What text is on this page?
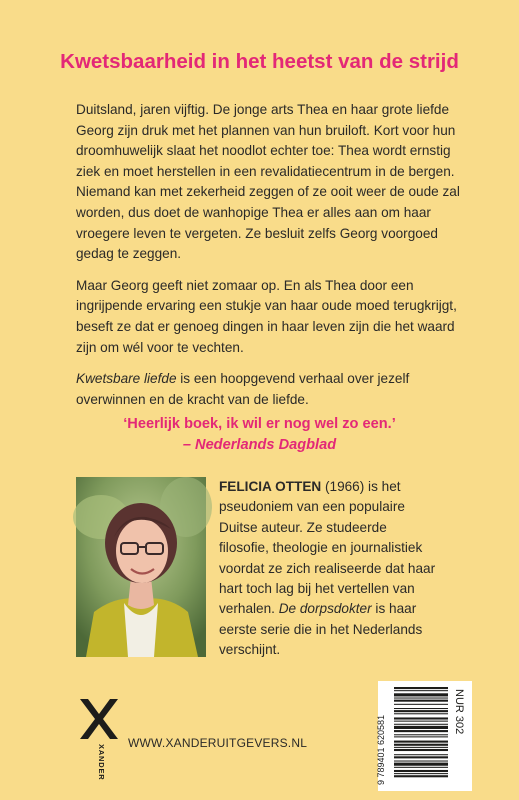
Kwetsbaarheid in het heetst van de strijd

Duitsland, jaren vijftig. De jonge arts Thea en haar grote liefde Georg zijn druk met het plannen van hun bruiloft. Kort voor hun droomhuwelijk slaat het noodlot echter toe: Thea wordt ernstig ziek en moet herstellen in een revalidatiecentrum in de bergen. Niemand kan met zekerheid zeggen of ze ooit weer de oude zal worden, dus doet de wanhopige Thea er alles aan om haar vroegere leven te vergeten. Ze besluit zelfs Georg voorgoed gedag te zeggen.

Maar Georg geeft niet zomaar op. En als Thea door een ingrijpende ervaring een stukje van haar oude moed terugkrijgt, beseft ze dat er genoeg dingen in haar leven zijn die het waard zijn om wél voor te vechten.

Kwetsbare liefde is een hoopgevend verhaal over jezelf overwinnen en de kracht van de liefde.

‘Heerlijk boek, ik wil er nog wel zo een.’
– Nederlands Dagblad
FELICIA OTTEN (1966) is het pseudoniem van een populaire Duitse auteur. Ze studeerde filosofie, theologie en journalistiek voordat ze zich realiseerde dat haar hart toch lag bij het vertellen van verhalen. De dorpsdokter is haar eerste serie die in het Nederlands verschijnt.
XANDER
WWW.XANDERUITGEVERS.NL
NUR 302
9 789401 620581
